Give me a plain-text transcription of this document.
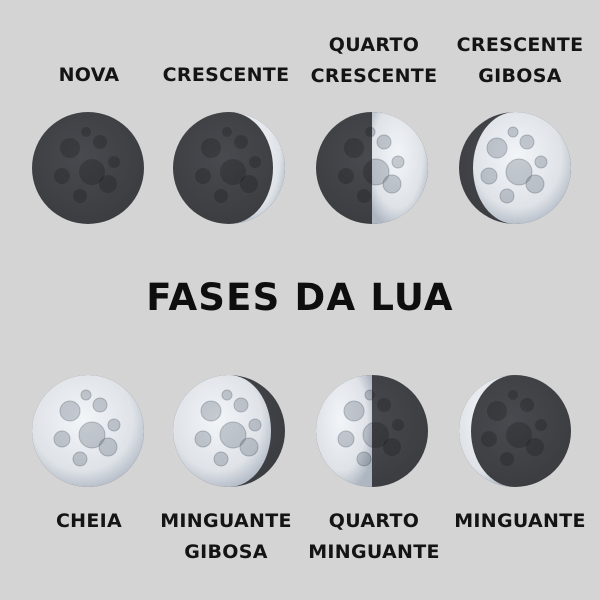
NOVA	CRESCENTE
QUARTO
CRESCENTE
CRESCENTE
GIBOSA
FASES DA LUA
CHEIA	MINGUANTE
GIBOSA
QUARTO
MINGUANTE
MINGUANTE
